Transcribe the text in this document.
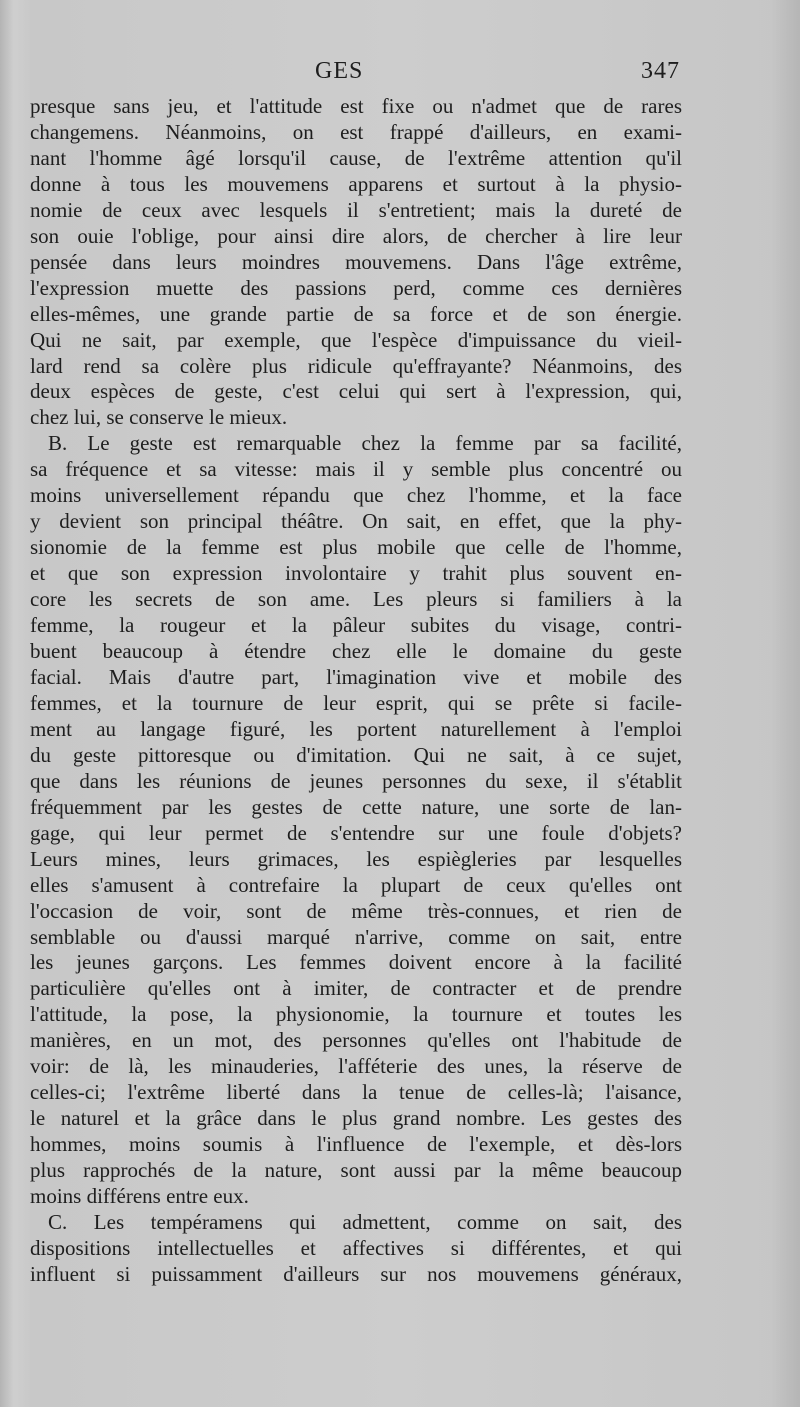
GES	347
presque sans jeu, et l'attitude est fixe ou n'admet que de rares
changemens. Néanmoins, on est frappé d'ailleurs, en exami-
nant l'homme âgé lorsqu'il cause, de l'extrême attention qu'il
donne à tous les mouvemens apparens et surtout à la physio-
nomie de ceux avec lesquels il s'entretient; mais la dureté de
son ouie l'oblige, pour ainsi dire alors, de chercher à lire leur
pensée dans leurs moindres mouvemens. Dans l'âge extrême,
l'expression muette des passions perd, comme ces dernières
elles-mêmes, une grande partie de sa force et de son énergie.
Qui ne sait, par exemple, que l'espèce d'impuissance du vieil-
lard rend sa colère plus ridicule qu'effrayante? Néanmoins, des
deux espèces de geste, c'est celui qui sert à l'expression, qui,
chez lui, se conserve le mieux.
B. Le geste est remarquable chez la femme par sa facilité,
sa fréquence et sa vitesse: mais il y semble plus concentré ou
moins universellement répandu que chez l'homme, et la face
y devient son principal théâtre. On sait, en effet, que la phy-
sionomie de la femme est plus mobile que celle de l'homme,
et que son expression involontaire y trahit plus souvent en-
core les secrets de son ame. Les pleurs si familiers à la
femme, la rougeur et la pâleur subites du visage, contri-
buent beaucoup à étendre chez elle le domaine du geste
facial. Mais d'autre part, l'imagination vive et mobile des
femmes, et la tournure de leur esprit, qui se prête si facile-
ment au langage figuré, les portent naturellement à l'emploi
du geste pittoresque ou d'imitation. Qui ne sait, à ce sujet,
que dans les réunions de jeunes personnes du sexe, il s'établit
fréquemment par les gestes de cette nature, une sorte de lan-
gage, qui leur permet de s'entendre sur une foule d'objets?
Leurs mines, leurs grimaces, les espiègleries par lesquelles
elles s'amusent à contrefaire la plupart de ceux qu'elles ont
l'occasion de voir, sont de même très-connues, et rien de
semblable ou d'aussi marqué n'arrive, comme on sait, entre
les jeunes garçons. Les femmes doivent encore à la facilité
particulière qu'elles ont à imiter, de contracter et de prendre
l'attitude, la pose, la physionomie, la tournure et toutes les
manières, en un mot, des personnes qu'elles ont l'habitude de
voir: de là, les minauderies, l'afféterie des unes, la réserve de
celles-ci; l'extrême liberté dans la tenue de celles-là; l'aisance,
le naturel et la grâce dans le plus grand nombre. Les gestes des
hommes, moins soumis à l'influence de l'exemple, et dès-lors
plus rapprochés de la nature, sont aussi par la même beaucoup
moins différens entre eux.
C. Les tempéramens qui admettent, comme on sait, des
dispositions intellectuelles et affectives si différentes, et qui
influent si puissamment d'ailleurs sur nos mouvemens généraux,
